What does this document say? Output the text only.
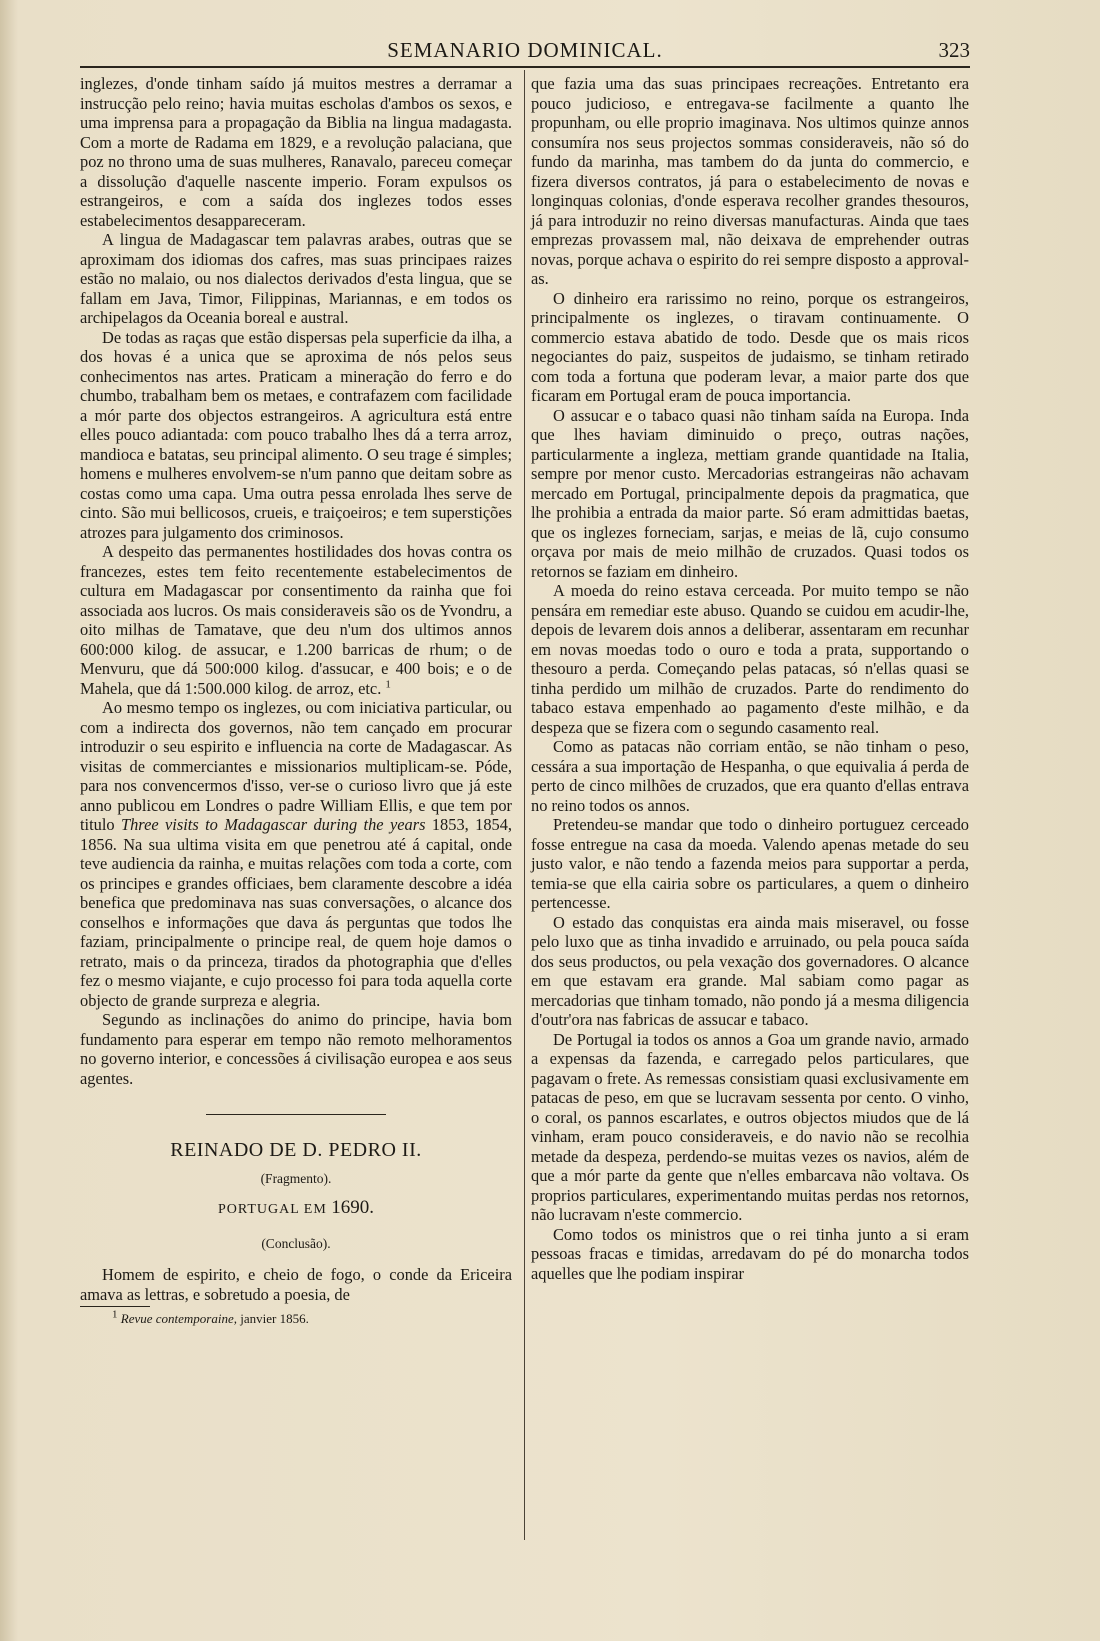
SEMANARIO DOMINICAL.	323

inglezes, d'onde tinham saído já muitos mestres a derramar a instrucção pelo reino; havia muitas escholas d'ambos os sexos, e uma imprensa para a propagação da Biblia na lingua madagasta. Com a morte de Radama em 1829, e a revolução palaciana, que poz no throno uma de suas mulheres, Ranavalo, pareceu começar a dissolução d'aquelle nascente imperio. Foram expulsos os estrangeiros, e com a saída dos inglezes todos esses estabelecimentos desappareceram.

A lingua de Madagascar tem palavras arabes, outras que se aproximam dos idiomas dos cafres, mas suas principaes raizes estão no malaio, ou nos dialectos derivados d'esta lingua, que se fallam em Java, Timor, Filippinas, Mariannas, e em todos os archipelagos da Oceania boreal e austral.

De todas as raças que estão dispersas pela superficie da ilha, a dos hovas é a unica que se aproxima de nós pelos seus conhecimentos nas artes. Praticam a mineração do ferro e do chumbo, trabalham bem os metaes, e contrafazem com facilidade a mór parte dos objectos estrangeiros. A agricultura está entre elles pouco adiantada: com pouco trabalho lhes dá a terra arroz, mandioca e batatas, seu principal alimento. O seu trage é simples; homens e mulheres envolvem-se n'um panno que deitam sobre as costas como uma capa. Uma outra pessa enrolada lhes serve de cinto. São mui bellicosos, crueis, e traiçoeiros; e tem superstições atrozes para julgamento dos criminosos.

A despeito das permanentes hostilidades dos hovas contra os francezes, estes tem feito recentemente estabelecimentos de cultura em Madagascar por consentimento da rainha que foi associada aos lucros. Os mais consideraveis são os de Yvondru, a oito milhas de Tamatave, que deu n'um dos ultimos annos 600:000 kilog. de assucar, e 1.200 barricas de rhum; o de Menvuru, que dá 500:000 kilog. d'assucar, e 400 bois; e o de Mahela, que dá 1:500.000 kilog. de arroz, etc. $^1$

Ao mesmo tempo os inglezes, ou com iniciativa particular, ou com a indirecta dos governos, não tem cançado em procurar introduzir o seu espirito e influencia na corte de Madagascar. As visitas de commerciantes e missionarios multiplicam-se. Póde, para nos convencermos d'isso, ver-se o curioso livro que já este anno publicou em Londres o padre William Ellis, e que tem por titulo Three visits to Madagascar during the years 1853, 1854, 1856. Na sua ultima visita em que penetrou até á capital, onde teve audiencia da rainha, e muitas relações com toda a corte, com os principes e grandes officiaes, bem claramente descobre a idéa benefica que predominava nas suas conversações, o alcance dos conselhos e informações que dava ás perguntas que todos lhe faziam, principalmente o principe real, de quem hoje damos o retrato, mais o da princeza, tirados da photographia que d'elles fez o mesmo viajante, e cujo processo foi para toda aquella corte objecto de grande surpreza e alegria.

Segundo as inclinações do animo do principe, havia bom fundamento para esperar em tempo não remoto melhoramentos no governo interior, e concessões á civilisação europea e aos seus agentes.

REINADO DE D. PEDRO II.
(Fragmento).
PORTUGAL EM 1690.
(Conclusão).

Homem de espirito, e cheio de fogo, o conde da Ericeira amava as lettras, e sobretudo a poesia, de

$^1$ Revue contemporaine, janvier 1856.

que fazia uma das suas principaes recreações. Entretanto era pouco judicioso, e entregava-se facilmente a quanto lhe propunham, ou elle proprio imaginava. Nos ultimos quinze annos consumíra nos seus projectos sommas consideraveis, não só do fundo da marinha, mas tambem do da junta do commercio, e fizera diversos contratos, já para o estabelecimento de novas e longinquas colonias, d'onde esperava recolher grandes thesouros, já para introduzir no reino diversas manufacturas. Ainda que taes emprezas provassem mal, não deixava de emprehender outras novas, porque achava o espirito do rei sempre disposto a approval-as.

O dinheiro era rarissimo no reino, porque os estrangeiros, principalmente os inglezes, o tiravam continuamente. O commercio estava abatido de todo. Desde que os mais ricos negociantes do paiz, suspeitos de judaismo, se tinham retirado com toda a fortuna que poderam levar, a maior parte dos que ficaram em Portugal eram de pouca importancia.

O assucar e o tabaco quasi não tinham saída na Europa. Inda que lhes haviam diminuido o preço, outras nações, particularmente a ingleza, mettiam grande quantidade na Italia, sempre por menor custo. Mercadorias estrangeiras não achavam mercado em Portugal, principalmente depois da pragmatica, que lhe prohibia a entrada da maior parte. Só eram admittidas baetas, que os inglezes forneciam, sarjas, e meias de lã, cujo consumo orçava por mais de meio milhão de cruzados. Quasi todos os retornos se faziam em dinheiro.

A moeda do reino estava cerceada. Por muito tempo se não pensára em remediar este abuso. Quando se cuidou em acudir-lhe, depois de levarem dois annos a deliberar, assentaram em recunhar em novas moedas todo o ouro e toda a prata, supportando o thesouro a perda. Começando pelas patacas, só n'ellas quasi se tinha perdido um milhão de cruzados. Parte do rendimento do tabaco estava empenhado ao pagamento d'este milhão, e da despeza que se fizera com o segundo casamento real.

Como as patacas não corriam então, se não tinham o peso, cessára a sua importação de Hespanha, o que equivalia á perda de perto de cinco milhões de cruzados, que era quanto d'ellas entrava no reino todos os annos.

Pretendeu-se mandar que todo o dinheiro portuguez cerceado fosse entregue na casa da moeda. Valendo apenas metade do seu justo valor, e não tendo a fazenda meios para supportar a perda, temia-se que ella cairia sobre os particulares, a quem o dinheiro pertencesse.

O estado das conquistas era ainda mais miseravel, ou fosse pelo luxo que as tinha invadido e arruinado, ou pela pouca saída dos seus productos, ou pela vexação dos governadores. O alcance em que estavam era grande. Mal sabiam como pagar as mercadorias que tinham tomado, não pondo já a mesma diligencia d'outr'ora nas fabricas de assucar e tabaco.

De Portugal ia todos os annos a Goa um grande navio, armado a expensas da fazenda, e carregado pelos particulares, que pagavam o frete. As remessas consistiam quasi exclusivamente em patacas de peso, em que se lucravam sessenta por cento. O vinho, o coral, os pannos escarlates, e outros objectos miudos que de lá vinham, eram pouco consideraveis, e do navio não se recolhia metade da despeza, perdendo-se muitas vezes os navios, além de que a mór parte da gente que n'elles embarcava não voltava. Os proprios particulares, experimentando muitas perdas nos retornos, não lucravam n'este commercio.

Como todos os ministros que o rei tinha junto a si eram pessoas fracas e timidas, arredavam do pé do monarcha todos aquelles que lhe podiam inspirar
